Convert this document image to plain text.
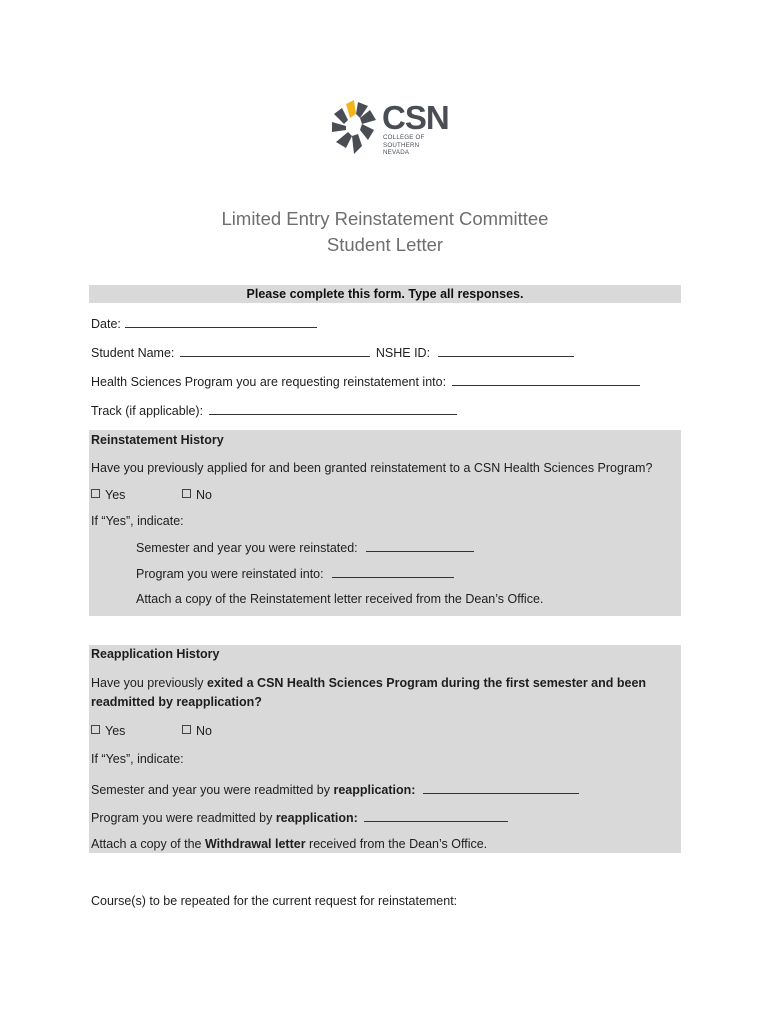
CSN
COLLEGE OF
SOUTHERN NEVADA
Limited Entry Reinstatement Committee
Student Letter
Please complete this form. Type all responses.
Date:
Student Name:	NSHE ID:
Health Sciences Program you are requesting reinstatement into:
Track (if applicable):
Reinstatement History
Have you previously applied for and been granted reinstatement to a CSN Health Sciences Program?
Yes	No
If “Yes”, indicate:
Semester and year you were reinstated:
Program you were reinstated into:
Attach a copy of the Reinstatement letter received from the Dean’s Office.
Reapplication History
Have you previously exited a CSN Health Sciences Program during the first semester and been
readmitted by reapplication?
Yes	No
If “Yes”, indicate:
Semester and year you were readmitted by reapplication:
Program you were readmitted by reapplication:
Attach a copy of the Withdrawal letter received from the Dean’s Office.
Course(s) to be repeated for the current request for reinstatement:
